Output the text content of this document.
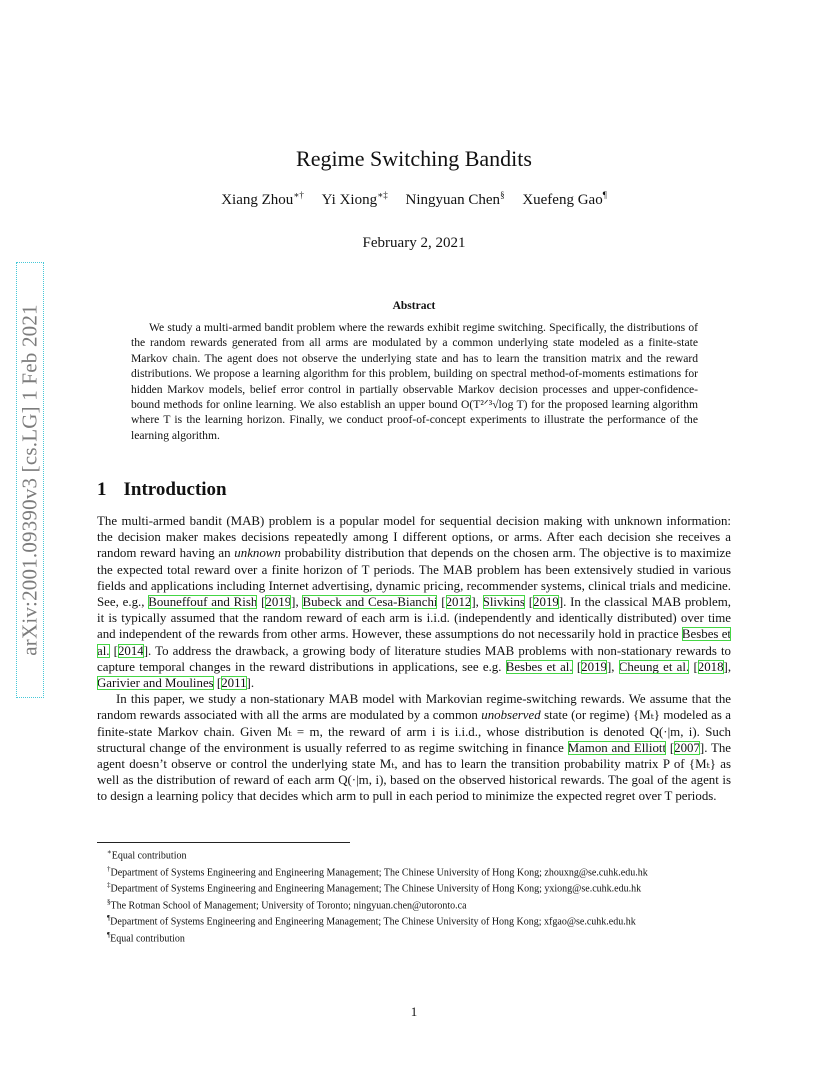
arXiv:2001.09390v3 [cs.LG] 1 Feb 2021
Regime Switching Bandits
Xiang Zhou∗† Yi Xiong∗‡ Ningyuan Chen§ Xuefeng Gao¶
February 2, 2021
Abstract

We study a multi-armed bandit problem where the rewards exhibit regime switching. Specifically, the distributions of the random rewards generated from all arms are modulated by a common underlying state modeled as a finite-state Markov chain. The agent does not observe the underlying state and has to learn the transition matrix and the reward distributions. We propose a learning algorithm for this problem, building on spectral method-of-moments estimations for hidden Markov models, belief error control in partially observable Markov decision processes and upper-confidence-bound methods for online learning. We also establish an upper bound O(T²ᐟ³√log T) for the proposed learning algorithm where T is the learning horizon. Finally, we conduct proof-of-concept experiments to illustrate the performance of the learning algorithm.

1 Introduction

The multi-armed bandit (MAB) problem is a popular model for sequential decision making with unknown information: the decision maker makes decisions repeatedly among I different options, or arms. After each decision she receives a random reward having an unknown probability distribution that depends on the chosen arm. The objective is to maximize the expected total reward over a finite horizon of T periods. The MAB problem has been extensively studied in various fields and applications including Internet advertising, dynamic pricing, recommender systems, clinical trials and medicine. See, e.g., Bouneffouf and Rish [2019], Bubeck and Cesa-Bianchi [2012], Slivkins [2019]. In the classical MAB problem, it is typically assumed that the random reward of each arm is i.i.d. (independently and identically distributed) over time and independent of the rewards from other arms. However, these assumptions do not necessarily hold in practice Besbes et al. [2014]. To address the drawback, a growing body of literature studies MAB problems with non-stationary rewards to capture temporal changes in the reward distributions in applications, see e.g. Besbes et al. [2019], Cheung et al. [2018], Garivier and Moulines [2011].

In this paper, we study a non-stationary MAB model with Markovian regime-switching rewards. We assume that the random rewards associated with all the arms are modulated by a common unobserved state (or regime) {Mₜ} modeled as a finite-state Markov chain. Given Mₜ = m, the reward of arm i is i.i.d., whose distribution is denoted Q(·|m, i). Such structural change of the environment is usually referred to as regime switching in finance Mamon and Elliott [2007]. The agent doesn’t observe or control the underlying state Mₜ, and has to learn the transition probability matrix P of {Mₜ} as well as the distribution of reward of each arm Q(·|m, i), based on the observed historical rewards. The goal of the agent is to design a learning policy that decides which arm to pull in each period to minimize the expected regret over T periods.

∗Equal contribution
†Department of Systems Engineering and Engineering Management; The Chinese University of Hong Kong; zhouxng@se.cuhk.edu.hk
‡Department of Systems Engineering and Engineering Management; The Chinese University of Hong Kong; yxiong@se.cuhk.edu.hk
§The Rotman School of Management; University of Toronto; ningyuan.chen@utoronto.ca
¶Department of Systems Engineering and Engineering Management; The Chinese University of Hong Kong; xfgao@se.cuhk.edu.hk
¶Equal contribution
1
